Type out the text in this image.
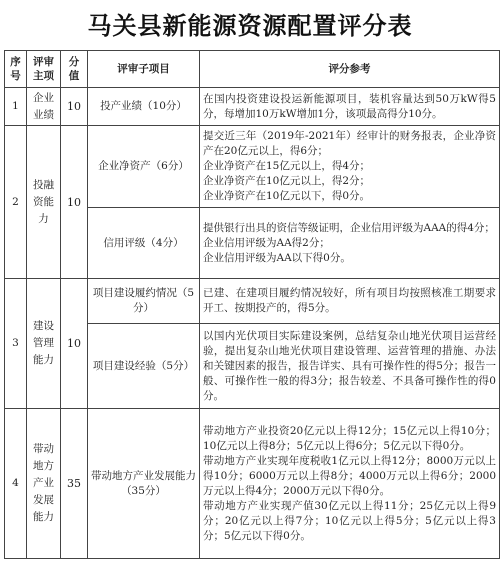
马关县新能源资源配置评分表
序号	评审主项	分值	评审子项目	评分参考
1	企业业绩	10	投产业绩（10分）	在国内投资建设投运新能源项目，装机容量达到50万kW得5分，每增加10万kW增加1分，该项最高得分10分。

2	投融资能力	10	企业净资产（6分）	提交近三年（2019年-2021年）经审计的财务报表，企业净资产在20亿元以上，得6分；

企业净资产在15亿元以上，得4分；

企业净资产在10亿元以上，得2分；

企业净资产在10亿元以下，得0分。

			信用评级（4分）	提供银行出具的资信等级证明，企业信用评级为AAA的得4分；

企业信用评级为AA得2分；

企业信用评级为AA以下得0分。

3	建设管理能力	10	项目建设履约情况（5分）	已建、在建项目履约情况较好，所有项目均按照核准工期要求开工、按期投产的，得5分。

			项目建设经验（5分）	以国内光伏项目实际建设案例，总结复杂山地光伏项目运营经验，提出复杂山地光伏项目建设管理、运营管理的措施、办法和关键因素的报告，报告详实、具有可操作性的得5分；报告一般、可操作性一般的得3分；报告较差、不具备可操作性的得0分。

4	带动地方产业发展能力	35	带动地方产业发展能力（35分）	带动地方产业投资20亿元以上得12分；15亿元以上得10分；10亿元以上得8分；5亿元以上得6分；5亿元以下得0分。

带动地方产业实现年度税收1亿元以上得12分；8000万元以上得10分；6000万元以上得8分；4000万元以上得6分；2000万元以上得4分；2000万元以下得0分。

带动地方产业实现产值30亿元以上得11分；25亿元以上得9分；20亿元以上得7分；10亿元以上得5分；5亿元以上得3分；5亿元以下得0分。
